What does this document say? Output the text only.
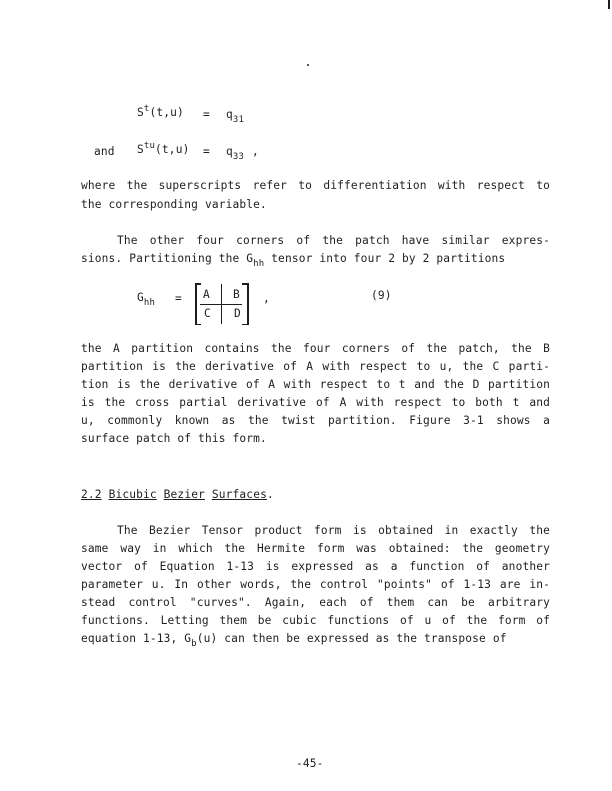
$S^t(t,u) = q_{31}$
and $S^{tu}(t,u) = q_{33}$ ,
where the superscripts refer to differentiation with respect to
the corresponding variable.
The other four corners of the patch have similar expres-
sions. Partitioning the $G_{hh}$ tensor into four 2 by 2 partitions
$G_{hh} = A$ B
C D
,	(9)
the A partition contains the four corners of the patch, the B
partition is the derivative of A with respect to u, the C parti-
tion is the derivative of A with respect to t and the D partition
is the cross partial derivative of A with respect to both t and
u, commonly known as the twist partition. Figure 3-1 shows a
surface patch of this form.
2.2 Bicubic Bezier Surfaces.
The Bezier Tensor product form is obtained in exactly the
same way in which the Hermite form was obtained: the geometry
vector of Equation 1-13 is expressed as a function of another
parameter u. In other words, the control "points" of 1-13 are in-
stead control "curves". Again, each of them can be arbitrary
functions. Letting them be cubic functions of u of the form of
equation 1-13, $G_b(u)$ can then be expressed as the transpose of
-45-
